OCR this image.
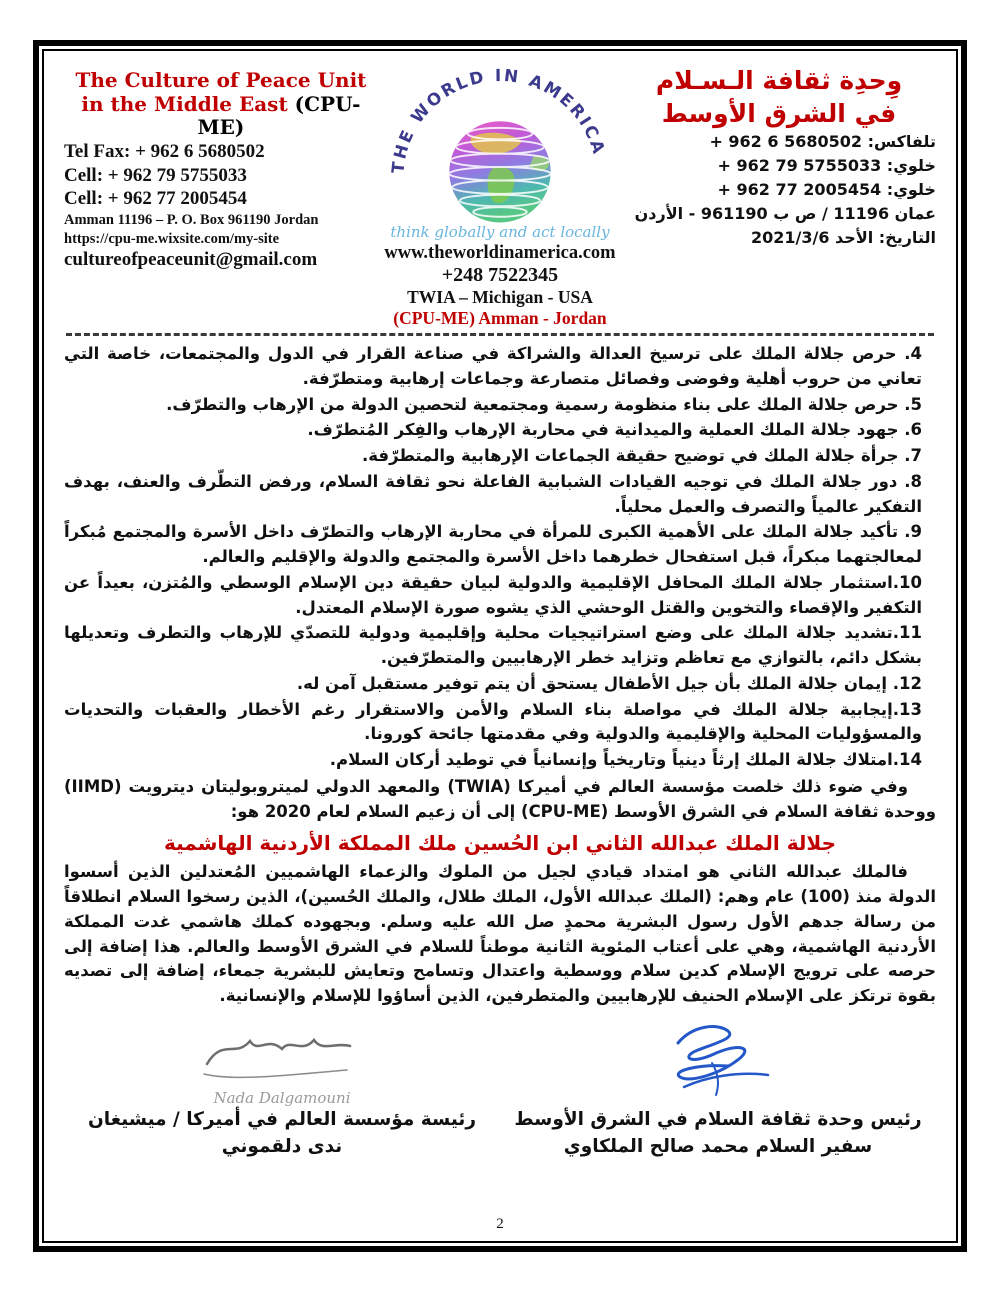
The Culture of Peace Unit
in the Middle East (CPU-ME)
Tel Fax: + 962 6 5680502
Cell: + 962 79 5755033
Cell: + 962 77 2005454
Amman 11196 – P. O. Box 961190 Jordan
https://cpu-me.wixsite.com/my-site
cultureofpeaceunit@gmail.com
THE WORLD IN AMERICA
think globally and act locally
www.theworldinamerica.com
+248 7522345
TWIA – Michigan - USA
(CPU-ME) Amman - Jordan
وِحدِة ثقافة الـسـلام
في الشرق الأوسط
تلفاكس: ‪+ 962 6 5680502‬
خلوي: ‪+ 962 79 5755033‬
خلوي: ‪+ 962 77 2005454‬
عمان 11196 / ص ب 961190 - الأردن
التاريخ: الأحد 2021/3/6
4. حرص جلالة الملك على ترسيخ العدالة والشراكة في صناعة القرار في الدول والمجتمعات، خاصة التي تعاني من حروب أهلية وفوضى وفصائل متصارعة وجماعات إرهابية ومتطرّفة.
5. حرص جلالة الملك على بناء منظومة رسمية ومجتمعية لتحصين الدولة من الإرهاب والتطرّف.
6. جهود جلالة الملك العملية والميدانية في محاربة الإرهاب والفِكر المُتطرّف.
7. جرأة جلالة الملك في توضيح حقيقة الجماعات الإرهابية والمتطرّفة.
8. دور جلالة الملك في توجيه القيادات الشبابية الفاعلة نحو ثقافة السلام، ورفض التطّرف والعنف، بهدف التفكير عالمياً والتصرف والعمل محلياً.
9. تأكيد جلالة الملك على الأهمية الكبرى للمرأة في محاربة الإرهاب والتطرّف داخل الأسرة والمجتمع مُبكراً لمعالجتهما مبكراً، قبل استفحال خطرهما داخل الأسرة والمجتمع والدولة والإقليم والعالم.
10.استثمار جلالة الملك المحافل الإقليمية والدولية لبيان حقيقة دين الإسلام الوسطي والمُتزن، بعيداً عن التكفير والإقصاء والتخوين والقتل الوحشي الذي يشوه صورة الإسلام المعتدل.
11.تشديد جلالة الملك على وضع استراتيجيات محلية وإقليمية ودولية للتصدّي للإرهاب والتطرف وتعديلها بشكل دائم، بالتوازي مع تعاظم وتزايد خطر الإرهابيين والمتطرّفين.
12. إيمان جلالة الملك بأن جيل الأطفال يستحق أن يتم توفير مستقبل آمن له.
13.إيجابية جلالة الملك في مواصلة بناء السلام والأمن والاستقرار رغم الأخطار والعقبات والتحديات والمسؤوليات المحلية والإقليمية والدولية وفي مقدمتها جائحة كورونا.
14.امتلاك جلالة الملك إرثاً دينياً وتاريخياً وإنسانياً في توطيد أركان السلام.
وفي ضوء ذلك خلصت مؤسسة العالم في أميركا (TWIA) والمعهد الدولي لميتروبوليتان ديترويت (IIMD) ووحدة ثقافة السلام في الشرق الأوسط (CPU-ME) إلى أن زعيم السلام لعام 2020 هو:
جلالة الملك عبدالله الثاني ابن الحُسين ملك المملكة الأردنية الهاشمية
فالملك عبدالله الثاني هو امتداد قيادي لجيل من الملوك والزعماء الهاشميين المُعتدلين الذين أسسوا الدولة منذ (100) عام وهم: (الملك عبدالله الأول، الملك طلال، والملك الحُسين)، الذين رسخوا السلام انطلاقاً من رسالة جدهم الأول رسول البشرية محمدٍ صل الله عليه وسلم. وبجهوده كملك هاشمي غدت المملكة الأردنية الهاشمية، وهي على أعتاب المئوية الثانية موطناً للسلام في الشرق الأوسط والعالم. هذا إضافة إلى حرصه على ترويج الإسلام كدين سلام ووسطية واعتدال وتسامح وتعايش للبشرية جمعاء، إضافة إلى تصديه بقوة ترتكز على الإسلام الحنيف للإرهابيين والمتطرفين، الذين أساؤوا للإسلام والإنسانية.
رئيس وحدة ثقافة السلام في الشرق الأوسط
سفير السلام محمد صالح الملكاوي
Nada Dalgamouni
رئيسة مؤسسة العالم في أميركا / ميشيغان
ندى دلقموني
2
